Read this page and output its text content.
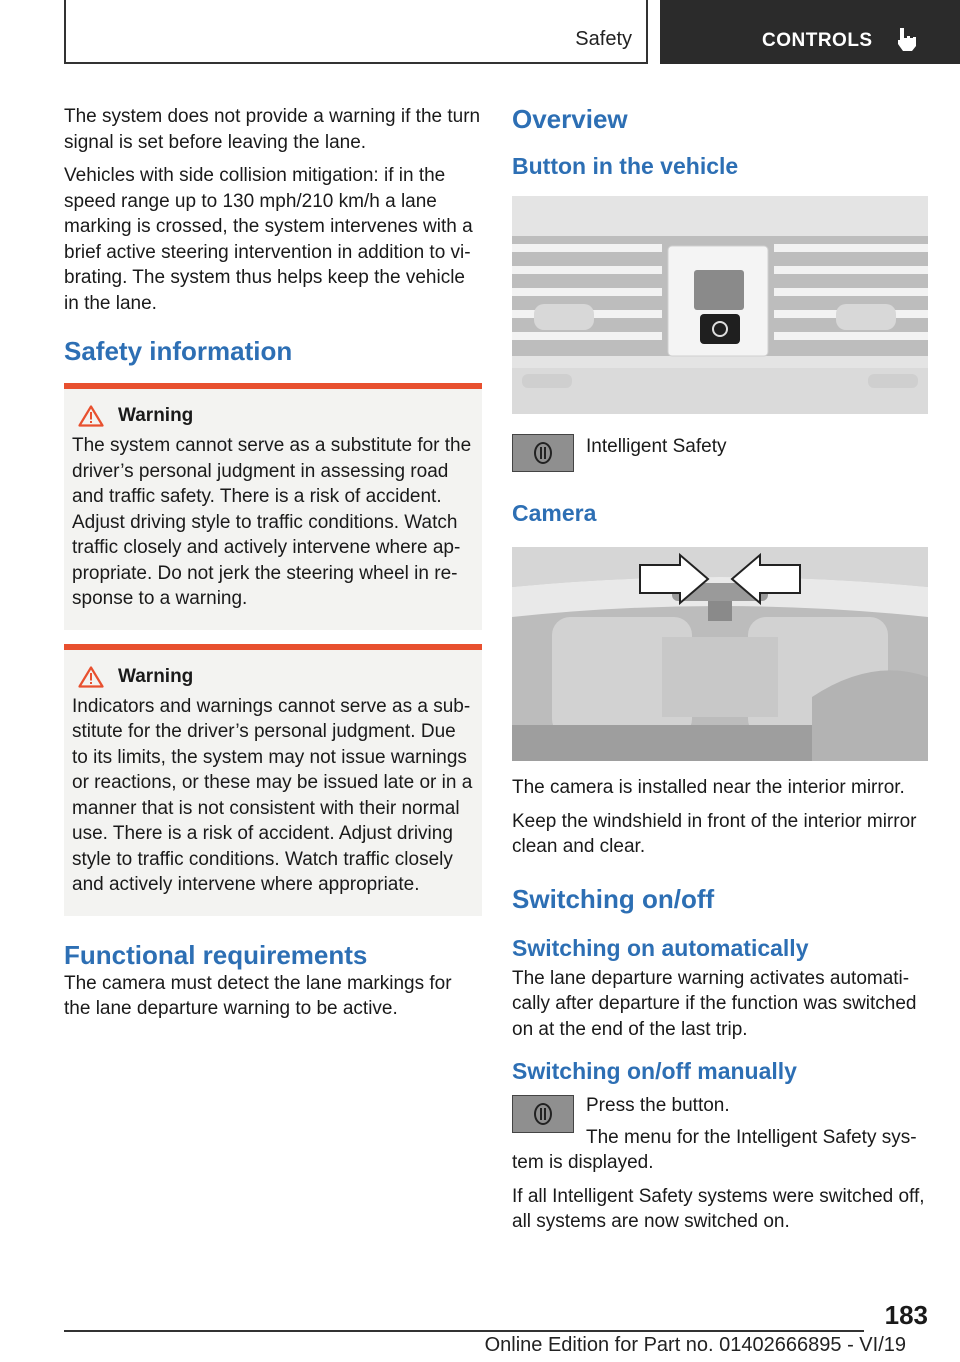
Safety	CONTROLS

The system does not provide a warning if the turn signal is set before leaving the lane.

Vehicles with side collision mitigation: if in the speed range up to 130 mph/210 km/h a lane marking is crossed, the system intervenes with a brief active steering intervention in addition to vi‐brating. The system thus helps keep the vehicle in the lane.

Safety information
Warning

The system cannot serve as a substitute for the driver’s personal judgment in assessing road and traffic safety. There is a risk of accident. Adjust driving style to traffic conditions. Watch traffic closely and actively intervene where ap‐propriate. Do not jerk the steering wheel in re‐sponse to a warning.

Warning

Indicators and warnings cannot serve as a sub‐stitute for the driver’s personal judgment. Due to its limits, the system may not issue warnings or reactions, or these may be issued late or in a manner that is not consistent with their normal use. There is a risk of accident. Adjust driving style to traffic conditions. Watch traffic closely and actively intervene where appropriate.

Functional requirements

The camera must detect the lane markings for the lane departure warning to be active.

Overview
Button in the vehicle

Intelligent Safety

Camera

The camera is installed near the interior mirror.

Keep the windshield in front of the interior mirror clean and clear.

Switching on/off
Switching on automatically

The lane departure warning activates automati‐cally after departure if the function was switched on at the end of the last trip.

Switching on/off manually

Press the button.

The menu for the Intelligent Safety sys‐tem is displayed.

If all Intelligent Safety systems were switched off, all systems are now switched on.

183
Online Edition for Part no. 01402666895 - VI/19
